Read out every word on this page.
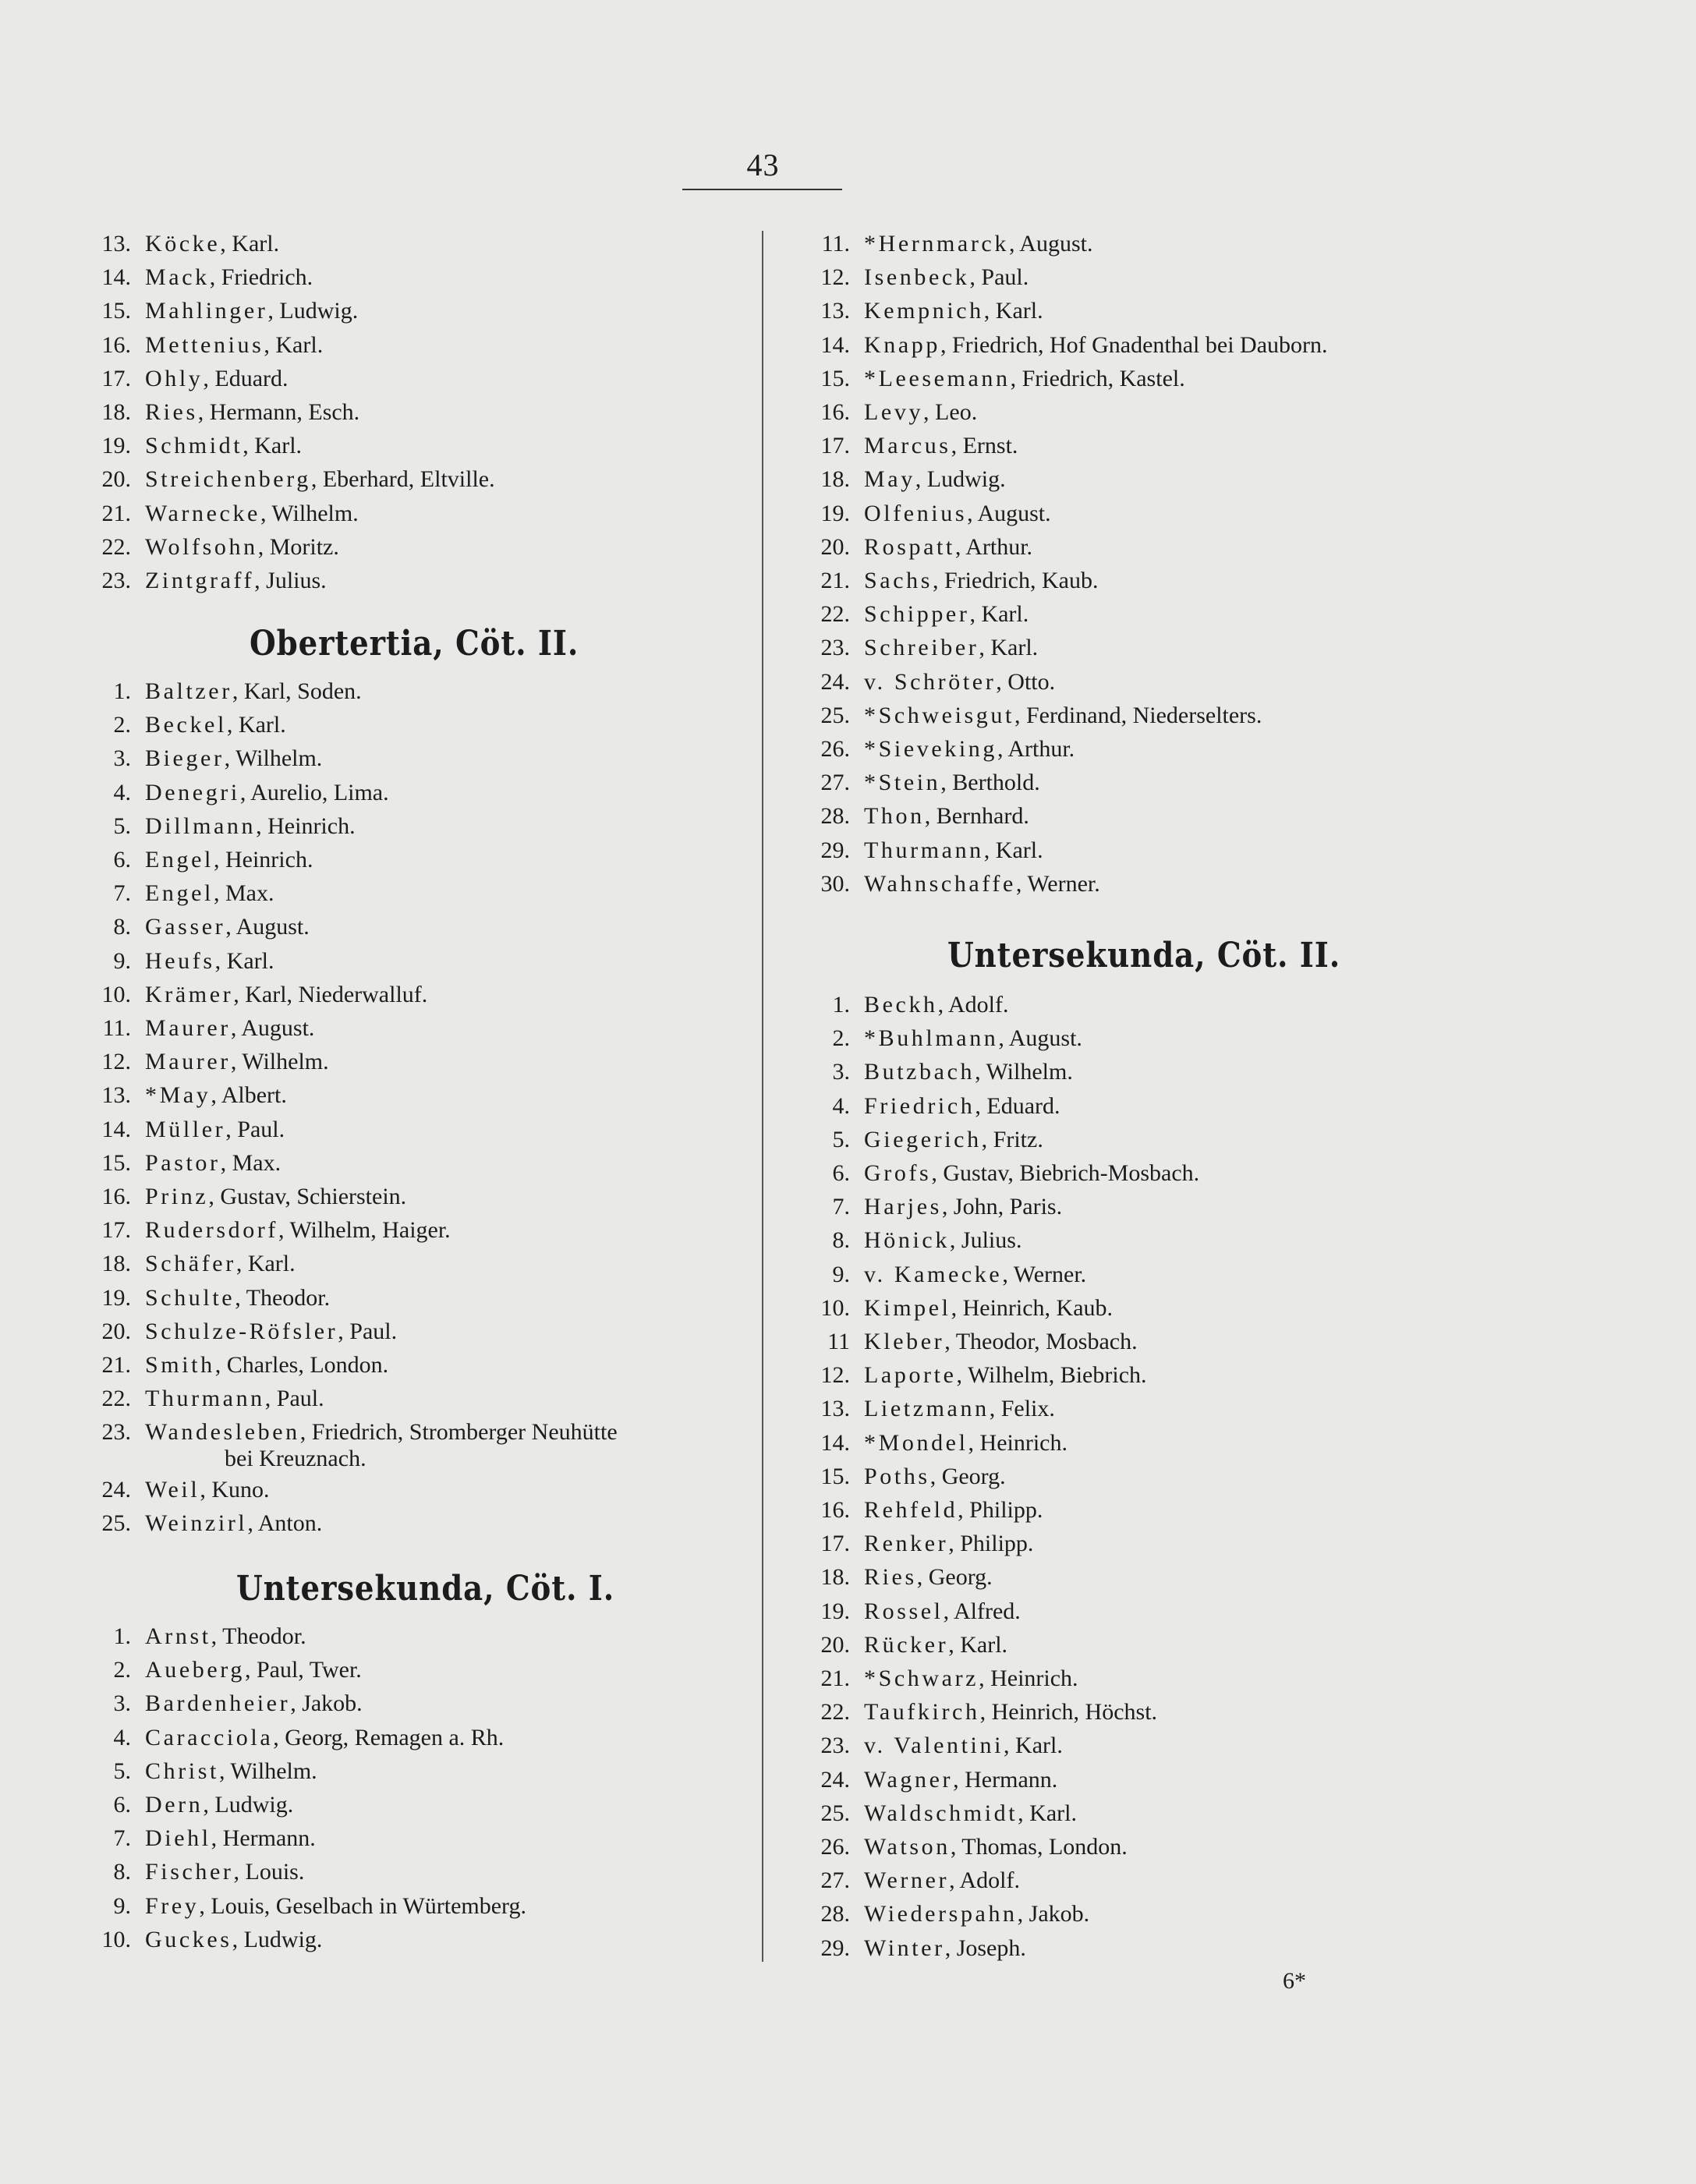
43
Obertertia, Cöt. II.
Untersekunda, Cöt. I.
13. Köcke, Karl.
14. Mack, Friedrich.
15. Mahlinger, Ludwig.
16. Mettenius, Karl.
17. Ohly, Eduard.
18. Ries, Hermann, Esch.
19. Schmidt, Karl.
20. Streichenberg, Eberhard, Eltville.
21. Warnecke, Wilhelm.
22. Wolfsohn, Moritz.
23. Zintgraff, Julius.
1. Baltzer, Karl, Soden.
2. Beckel, Karl.
3. Bieger, Wilhelm.
4. Denegri, Aurelio, Lima.
5. Dillmann, Heinrich.
6. Engel, Heinrich.
7. Engel, Max.
8. Gasser, August.
9. Heufs, Karl.
10. Krämer, Karl, Niederwalluf.
11. Maurer, August.
12. Maurer, Wilhelm.
13. *May, Albert.
14. Müller, Paul.
15. Pastor, Max.
16. Prinz, Gustav, Schierstein.
17. Rudersdorf, Wilhelm, Haiger.
18. Schäfer, Karl.
19. Schulte, Theodor.
20. Schulze-Röfsler, Paul.
21. Smith, Charles, London.
22. Thurmann, Paul.
23. Wandesleben, Friedrich, Stromberger Neuhütte
bei Kreuznach.
24. Weil, Kuno.
25. Weinzirl, Anton.
1. Arnst, Theodor.
2. Aueberg, Paul, Twer.
3. Bardenheier, Jakob.
4. Caracciola, Georg, Remagen a. Rh.
5. Christ, Wilhelm.
6. Dern, Ludwig.
7. Diehl, Hermann.
8. Fischer, Louis.
9. Frey, Louis, Geselbach in Würtemberg.
10. Guckes, Ludwig.
Untersekunda, Cöt. II.
11. *Hernmarck, August.
12. Isenbeck, Paul.
13. Kempnich, Karl.
14. Knapp, Friedrich, Hof Gnadenthal bei Dauborn.
15. *Leesemann, Friedrich, Kastel.
16. Levy, Leo.
17. Marcus, Ernst.
18. May, Ludwig.
19. Olfenius, August.
20. Rospatt, Arthur.
21. Sachs, Friedrich, Kaub.
22. Schipper, Karl.
23. Schreiber, Karl.
24. v. Schröter, Otto.
25. *Schweisgut, Ferdinand, Niederselters.
26. *Sieveking, Arthur.
27. *Stein, Berthold.
28. Thon, Bernhard.
29. Thurmann, Karl.
30. Wahnschaffe, Werner.
1. Beckh, Adolf.
2. *Buhlmann, August.
3. Butzbach, Wilhelm.
4. Friedrich, Eduard.
5. Giegerich, Fritz.
6. Grofs, Gustav, Biebrich-Mosbach.
7. Harjes, John, Paris.
8. Hönick, Julius.
9. v. Kamecke, Werner.
10. Kimpel, Heinrich, Kaub.
11 Kleber, Theodor, Mosbach.
12. Laporte, Wilhelm, Biebrich.
13. Lietzmann, Felix.
14. *Mondel, Heinrich.
15. Poths, Georg.
16. Rehfeld, Philipp.
17. Renker, Philipp.
18. Ries, Georg.
19. Rossel, Alfred.
20. Rücker, Karl.
21. *Schwarz, Heinrich.
22. Taufkirch, Heinrich, Höchst.
23. v. Valentini, Karl.
24. Wagner, Hermann.
25. Waldschmidt, Karl.
26. Watson, Thomas, London.
27. Werner, Adolf.
28. Wiederspahn, Jakob.
29. Winter, Joseph.
6*
